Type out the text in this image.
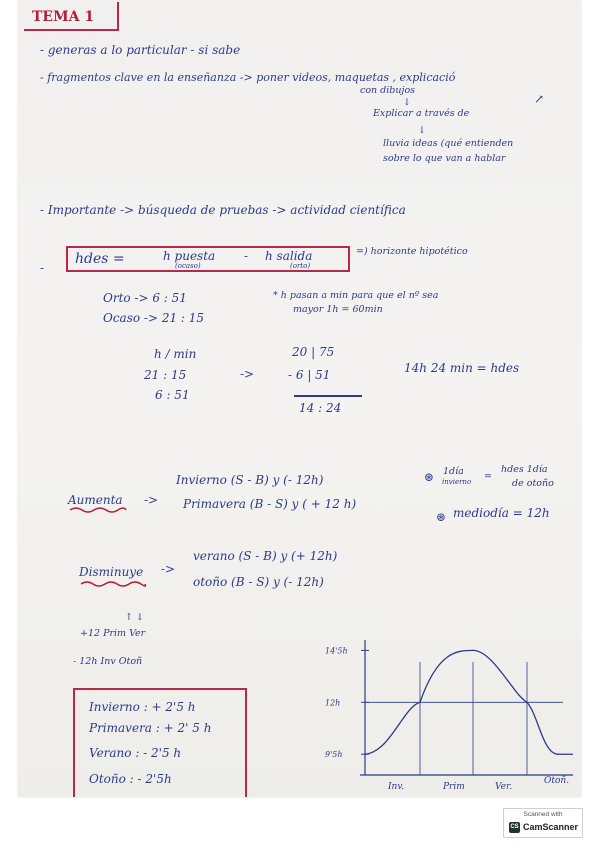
TEMA 1
- generas a lo particular - si sabe
- fragmentos clave en la enseñanza -> poner videos, maquetas , explicació
con dibujos
↓
Explicar a través de
↗
↓
lluvia ideas (qué entienden
sobre lo que van a hablar
- Importante -> búsqueda de pruebas -> actividad científica
-
hdes =	h puesta
(ocaso)
- h salida
(orto)
=) horizonte hipotético
Orto -> 6 : 51
Ocaso -> 21 : 15
* h pasan a min para que el nº sea
mayor 1h = 60min
h / min
21 : 15
6 : 51
->
20 | 75
- 6 | 51
14 : 24
14h 24 min = hdes
Aumenta ->
Invierno (S - B) y (- 12h)
Primavera (B - S) y ( + 12 h)
⊛ 1día
invierno =
hdes 1día
de otoño
⊛ mediodía = 12h
Disminuye ->
verano (S - B) y (+ 12h)
otoño (B - S) y (- 12h)
↑ ↓
+12 Prim Ver
- 12h Inv Otoñ
Invierno : + 2'5 h
Primavera : + 2' 5 h
Verano : - 2'5 h
Otoño : - 2'5h
14'5h
12h
9'5h
Inv.	Prim	Ver.
Otoñ.
Scanned with
CS CamScanner
